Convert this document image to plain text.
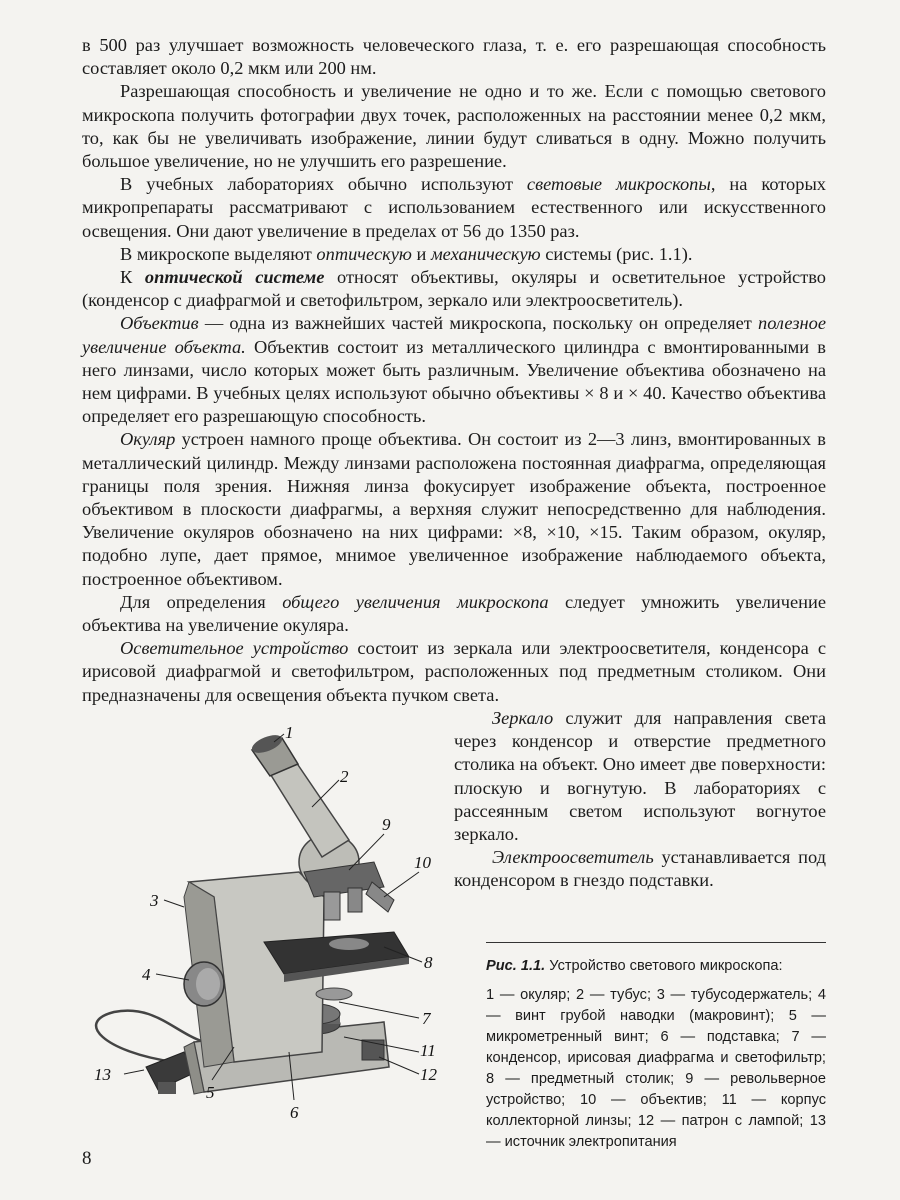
в 500 раз улучшает возможность человеческого глаза, т. е. его разрешающая способность составляет около 0,2 мкм или 200 нм.

Разрешающая способность и увеличение не одно и то же. Если с помощью светового микроскопа получить фотографии двух точек, расположенных на расстоянии менее 0,2 мкм, то, как бы не увеличивать изображение, линии будут сливаться в одну. Можно получить большое увеличение, но не улучшить его разрешение.

В учебных лабораториях обычно используют световые микроскопы, на которых микропрепараты рассматривают с использованием естественного или искусственного освещения. Они дают увеличение в пределах от 56 до 1350 раз.

В микроскопе выделяют оптическую и механическую системы (рис. 1.1).

К оптической системе относят объективы, окуляры и осветительное устройство (конденсор с диафрагмой и светофильтром, зеркало или электроосветитель).

Объектив — одна из важнейших частей микроскопа, поскольку он определяет полезное увеличение объекта. Объектив состоит из металлического цилиндра с вмонтированными в него линзами, число которых может быть различным. Увеличение объектива обозначено на нем цифрами. В учебных целях используют обычно объективы × 8 и × 40. Качество объектива определяет его разрешающую способность.

Окуляр устроен намного проще объектива. Он состоит из 2—3 линз, вмонтированных в металлический цилиндр. Между линзами расположена постоянная диафрагма, определяющая границы поля зрения. Нижняя линза фокусирует изображение объекта, построенное объективом в плоскости диафрагмы, а верхняя служит непосредственно для наблюдения. Увеличение окуляров обозначено на них цифрами: ×8, ×10, ×15. Таким образом, окуляр, подобно лупе, дает прямое, мнимое увеличенное изображение наблюдаемого объекта, построенное объективом.

Для определения общего увеличения микроскопа следует умножить увеличение объектива на увеличение окуляра.

Осветительное устройство состоит из зеркала или электроосветителя, конденсора с ирисовой диафрагмой и светофильтром, расположенных под предметным столиком. Они предназначены для освещения объекта пучком света.

Зеркало служит для направления света через конденсор и отверстие предметного столика на объект. Оно имеет две поверхности: плоскую и вогнутую. В лабораториях с рассеянным светом используют вогнутое зеркало.

Электроосветитель устанавливается под конденсором в гнездо подставки.

1
2
3
4
5
6
7
8
9
10
11
12
13

Рис. 1.1. Устройство светового микроскопа:

1 — окуляр; 2 — тубус; 3 — тубусодержатель; 4 — винт грубой наводки (макровинт); 5 — микрометренный винт; 6 — подставка; 7 — конденсор, ирисовая диафрагма и светофильтр; 8 — предметный столик; 9 — револьверное устройство; 10 — объектив; 11 — корпус коллекторной линзы; 12 — патрон с лампой; 13 — источник электропитания

8
